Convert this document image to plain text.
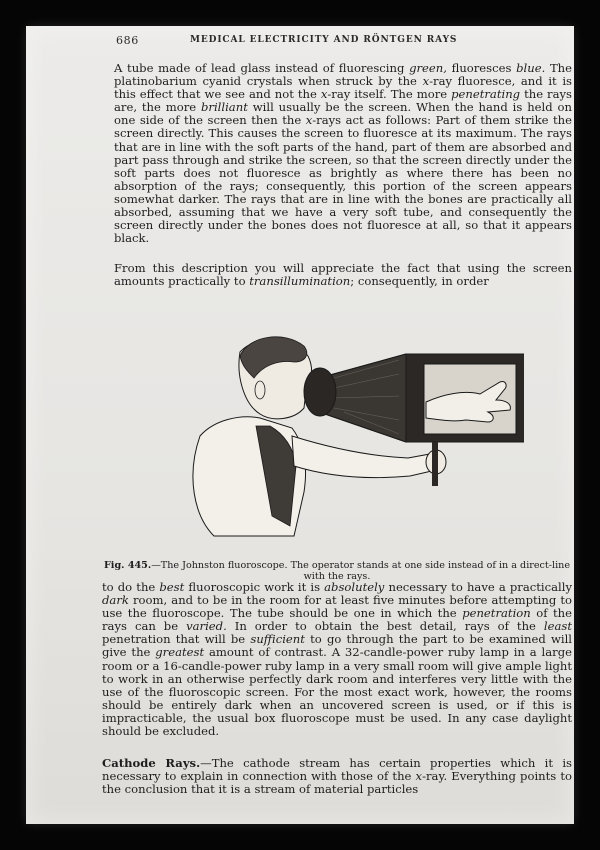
686	MEDICAL ELECTRICITY AND RÖNTGEN RAYS

A tube made of lead glass instead of fluorescing green, fluoresces blue. The platinobarium cyanid crystals when struck by the x-ray fluoresce, and it is this effect that we see and not the x-ray itself. The more penetrating the rays are, the more brilliant will usually be the screen. When the hand is held on one side of the screen then the x-rays act as follows: Part of them strike the screen directly. This causes the screen to fluoresce at its maximum. The rays that are in line with the soft parts of the hand, part of them are absorbed and part pass through and strike the screen, so that the screen directly under the soft parts does not fluoresce as brightly as where there has been no absorption of the rays; consequently, this portion of the screen appears somewhat darker. The rays that are in line with the bones are practically all absorbed, assuming that we have a very soft tube, and consequently the screen directly under the bones does not fluoresce at all, so that it appears black.

From this description you will appreciate the fact that using the screen amounts practically to transillumination; consequently, in order

Fig. 445.—The Johnston fluoroscope. The operator stands at one side instead of in a direct-line with the rays.

to do the best fluoroscopic work it is absolutely necessary to have a practically dark room, and to be in the room for at least five minutes before attempting to use the fluoroscope. The tube should be one in which the penetration of the rays can be varied. In order to obtain the best detail, rays of the least penetration that will be sufficient to go through the part to be examined will give the greatest amount of contrast. A 32-candle-power ruby lamp in a large room or a 16-candle-power ruby lamp in a very small room will give ample light to work in an otherwise perfectly dark room and interferes very little with the use of the fluoroscopic screen. For the most exact work, however, the rooms should be entirely dark when an uncovered screen is used, or if this is impracticable, the usual box fluoroscope must be used. In any case daylight should be excluded.

Cathode Rays.—The cathode stream has certain properties which it is necessary to explain in connection with those of the x-ray. Everything points to the conclusion that it is a stream of material particles
